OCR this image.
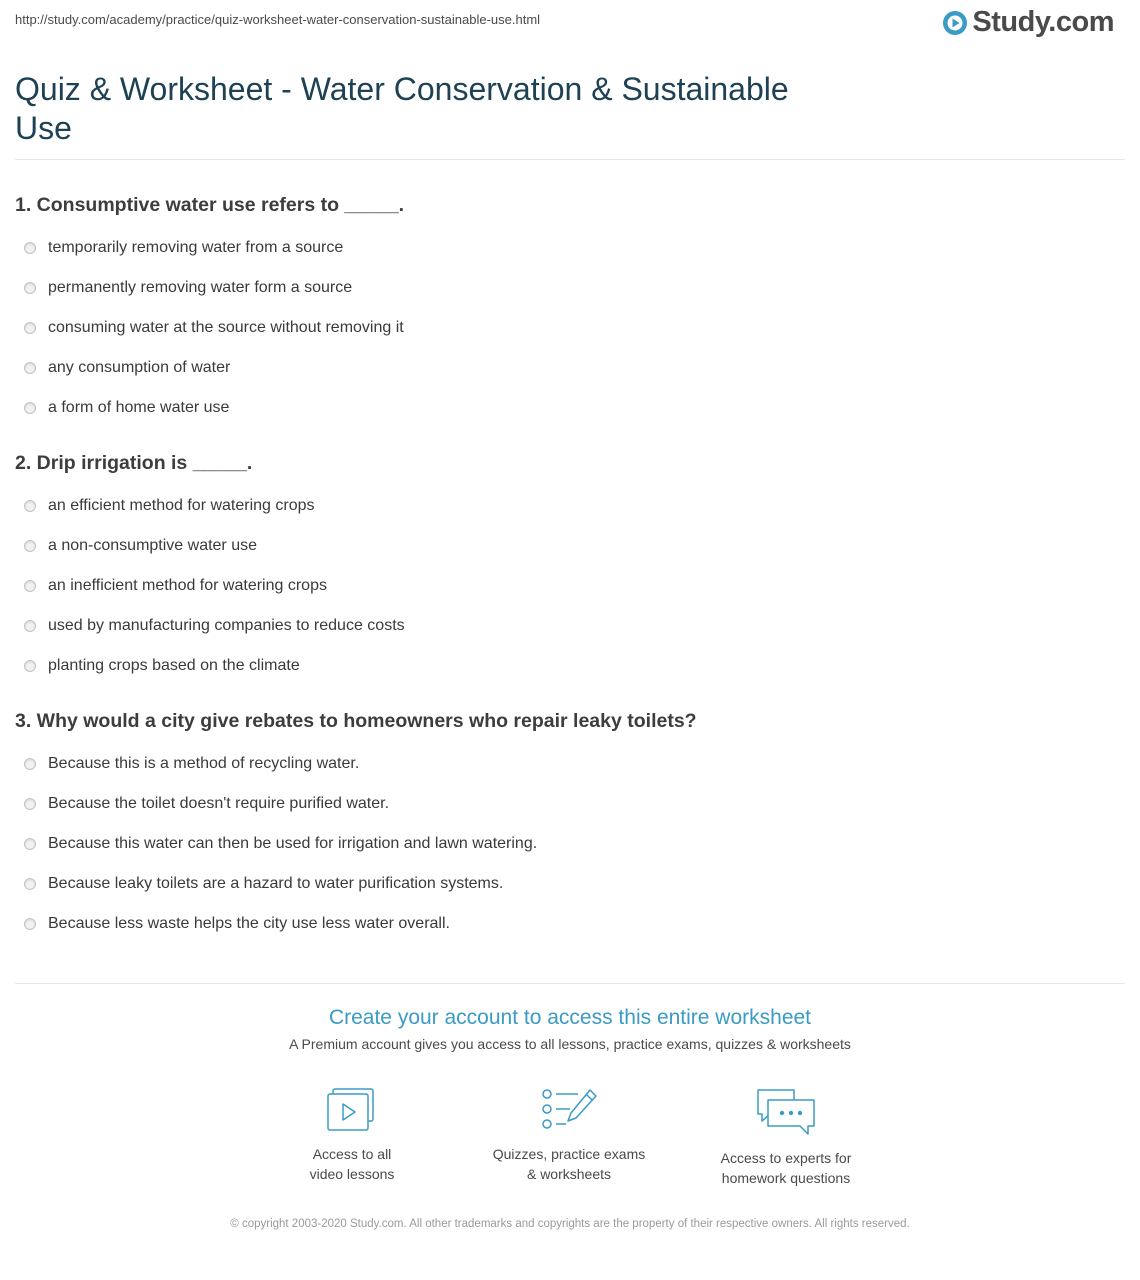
http://study.com/academy/practice/quiz-worksheet-water-conservation-sustainable-use.html	Study.com
Quiz & Worksheet - Water Conservation & Sustainable Use

1. Consumptive water use refers to _____.

temporarily removing water from a source
permanently removing water form a source
consuming water at the source without removing it
any consumption of water
a form of home water use

2. Drip irrigation is _____.

an efficient method for watering crops
a non-consumptive water use
an inefficient method for watering crops
used by manufacturing companies to reduce costs
planting crops based on the climate

3. Why would a city give rebates to homeowners who repair leaky toilets?

Because this is a method of recycling water.
Because the toilet doesn't require purified water.
Because this water can then be used for irrigation and lawn watering.
Because leaky toilets are a hazard to water purification systems.
Because less waste helps the city use less water overall.
Create your account to access this entire worksheet
A Premium account gives you access to all lessons, practice exams, quizzes & worksheets
Access to all
video lessons
Quizzes, practice exams
& worksheets
Access to experts for
homework questions
© copyright 2003-2020 Study.com. All other trademarks and copyrights are the property of their respective owners. All rights reserved.
